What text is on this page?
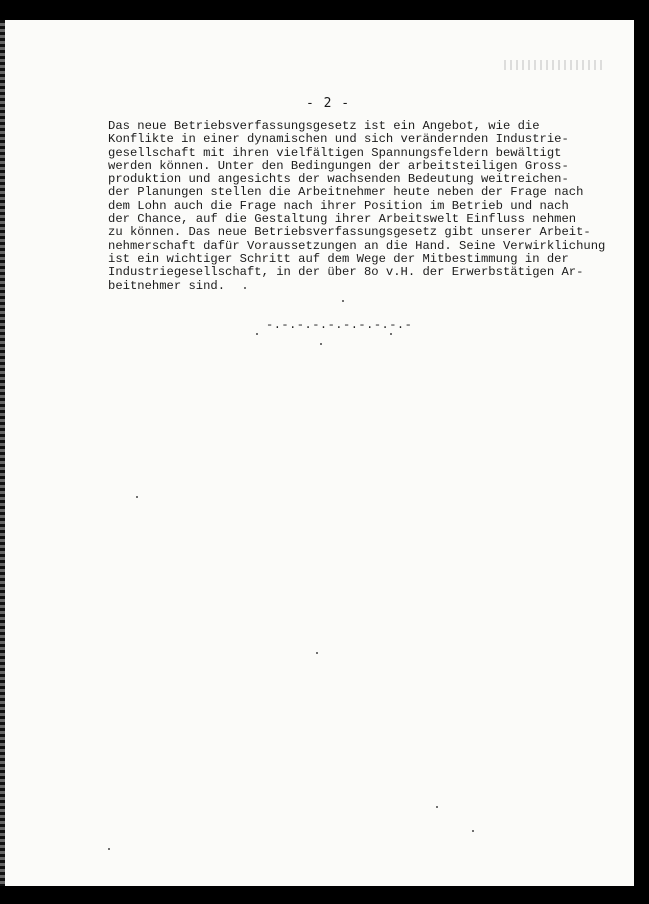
- 2 -
Das neue Betriebsverfassungsgesetz ist ein Angebot, wie die
Konflikte in einer dynamischen und sich verändernden Industrie-
gesellschaft mit ihren vielfältigen Spannungsfeldern bewältigt
werden können. Unter den Bedingungen der arbeitsteiligen Gross-
produktion und angesichts der wachsenden Bedeutung weitreichen-
der Planungen stellen die Arbeitnehmer heute neben der Frage nach
dem Lohn auch die Frage nach ihrer Position im Betrieb und nach
der Chance, auf die Gestaltung ihrer Arbeitswelt Einfluss nehmen
zu können. Das neue Betriebsverfassungsgesetz gibt unserer Arbeit-
nehmerschaft dafür Voraussetzungen an die Hand. Seine Verwirklichung
ist ein wichtiger Schritt auf dem Wege der Mitbestimmung in der
Industriegesellschaft, in der über 8o v.H. der Erwerbstätigen Ar-
beitnehmer sind.
-.-.-.-.-.-.-.-.-.-
